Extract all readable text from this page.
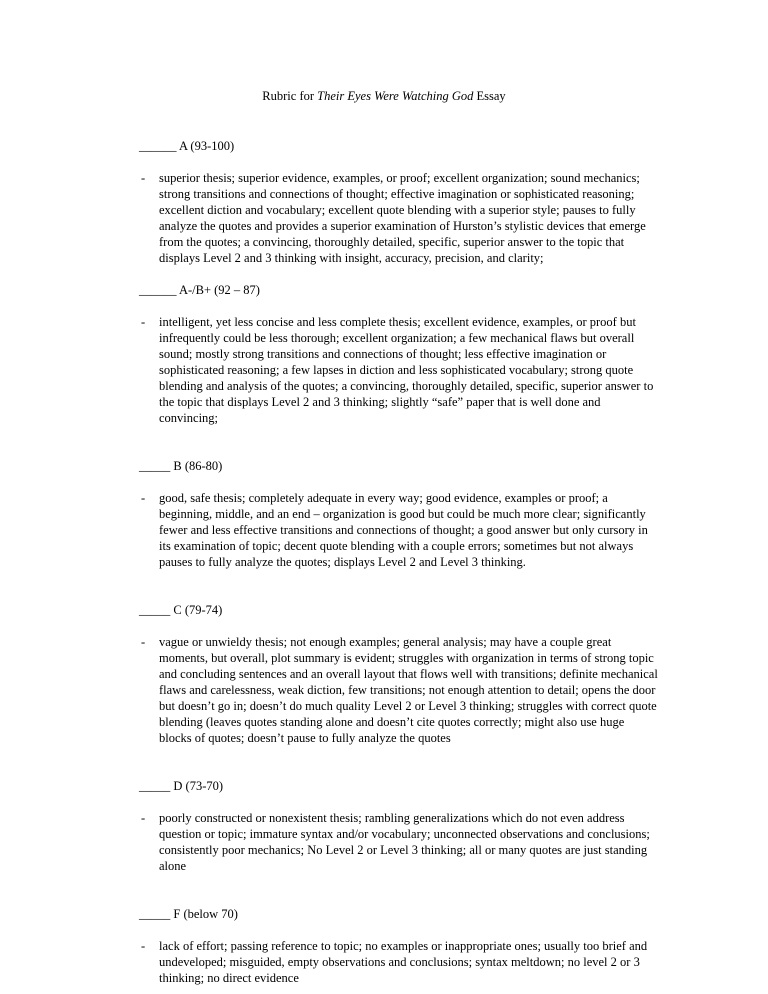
Rubric for Their Eyes Were Watching God Essay

______ A (93-100)

-	superior thesis; superior evidence, examples, or proof; excellent organization; sound mechanics; strong transitions and connections of thought; effective imagination or sophisticated reasoning; excellent diction and vocabulary; excellent quote blending with a superior style; pauses to fully analyze the quotes and provides a superior examination of Hurston’s stylistic devices that emerge from the quotes; a convincing, thoroughly detailed, specific, superior answer to the topic that displays Level 2 and 3 thinking with insight, accuracy, precision, and clarity;

______ A-/B+ (92 – 87)

-	intelligent, yet less concise and less complete thesis; excellent evidence, examples, or proof but infrequently could be less thorough; excellent organization; a few mechanical flaws but overall sound; mostly strong transitions and connections of thought; less effective imagination or sophisticated reasoning; a few lapses in diction and less sophisticated vocabulary; strong quote blending and analysis of the quotes; a convincing, thoroughly detailed, specific, superior answer to the topic that displays Level 2 and 3 thinking; slightly “safe” paper that is well done and convincing;

_____ B (86-80)

-	good, safe thesis; completely adequate in every way; good evidence, examples or proof; a beginning, middle, and an end – organization is good but could be much more clear; significantly fewer and less effective transitions and connections of thought; a good answer but only cursory in its examination of topic; decent quote blending with a couple errors; sometimes but not always pauses to fully analyze the quotes; displays Level 2 and Level 3 thinking.

_____ C (79-74)

-	vague or unwieldy thesis; not enough examples; general analysis; may have a couple great moments, but overall, plot summary is evident; struggles with organization in terms of strong topic and concluding sentences and an overall layout that flows well with transitions; definite mechanical flaws and carelessness, weak diction, few transitions; not enough attention to detail; opens the door but doesn’t go in; doesn’t do much quality Level 2 or Level 3 thinking; struggles with correct quote blending (leaves quotes standing alone and doesn’t cite quotes correctly; might also use huge blocks of quotes; doesn’t pause to fully analyze the quotes

_____ D (73-70)

-	poorly constructed or nonexistent thesis; rambling generalizations which do not even address question or topic; immature syntax and/or vocabulary; unconnected observations and conclusions; consistently poor mechanics; No Level 2 or Level 3 thinking; all or many quotes are just standing alone

_____ F (below 70)

-	lack of effort; passing reference to topic; no examples or inappropriate ones; usually too brief and undeveloped; misguided, empty observations and conclusions; syntax meltdown; no level 2 or 3 thinking; no direct evidence
